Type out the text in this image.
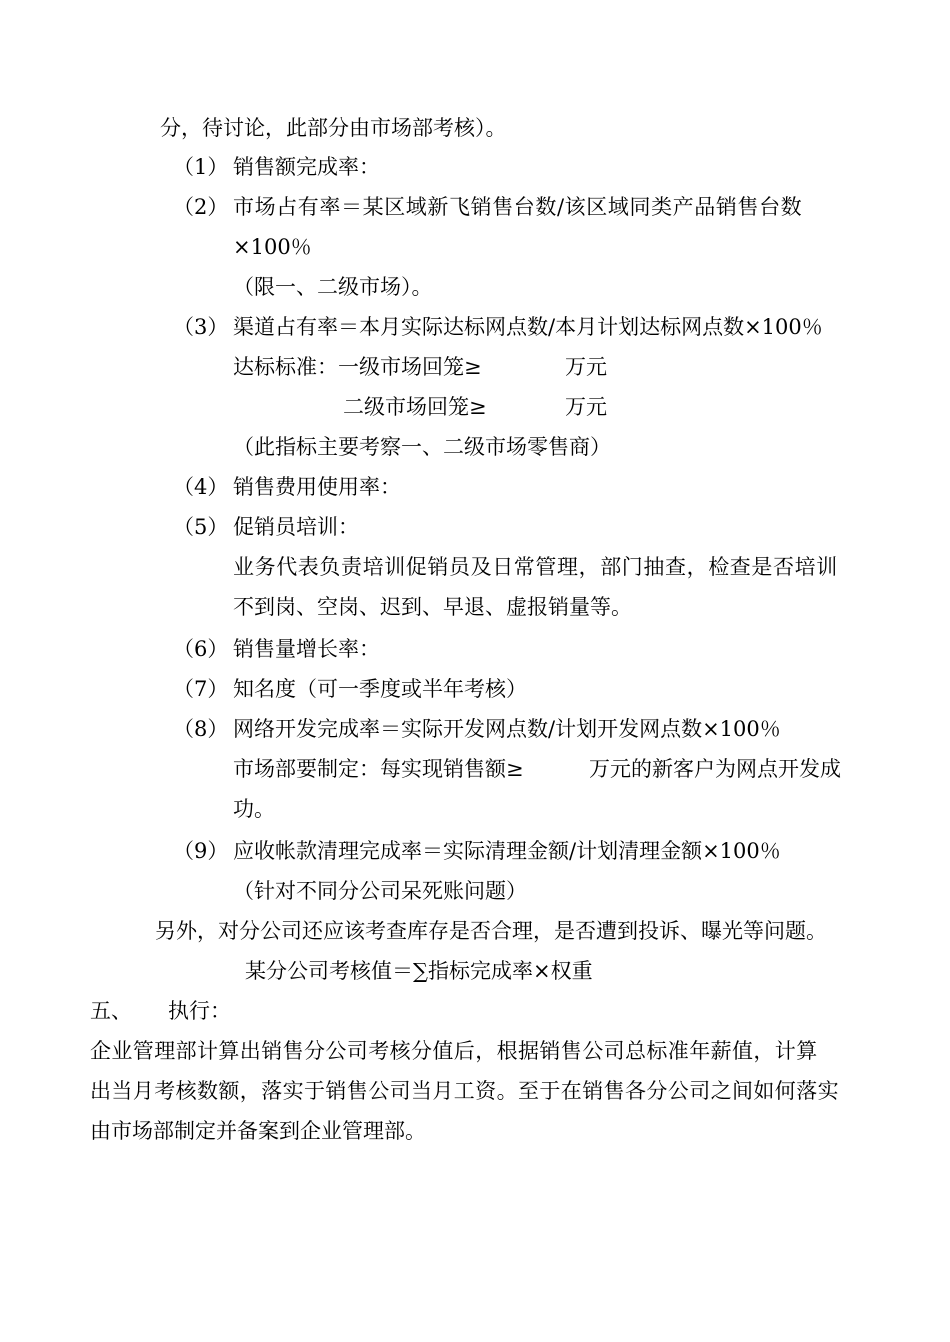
分，待讨论，此部分由市场部考核）。
（1） 销售额完成率：
（2） 市场占有率＝某区域新飞销售台数/该区域同类产品销售台数
×100％
（限一、二级市场）。
（3） 渠道占有率＝本月实际达标网点数/本月计划达标网点数×100％
达标标准：一级市场回笼≥	万元
二级市场回笼≥	万元
（此指标主要考察一、二级市场零售商）
（4） 销售费用使用率：
（5） 促销员培训：
业务代表负责培训促销员及日常管理，部门抽查，检查是否培训
不到岗、空岗、迟到、早退、虚报销量等。
（6） 销售量增长率：
（7） 知名度（可一季度或半年考核）
（8） 网络开发完成率＝实际开发网点数/计划开发网点数×100％
市场部要制定：每实现销售额≥	万元的新客户为网点开发成
功。
（9） 应收帐款清理完成率＝实际清理金额/计划清理金额×100％
（针对不同分公司呆死账问题）
另外，对分公司还应该考查库存是否合理，是否遭到投诉、曝光等问题。
某分公司考核值＝∑指标完成率×权重
五、 执行：
企业管理部计算出销售分公司考核分值后，根据销售公司总标准年薪值，计算
出当月考核数额，落实于销售公司当月工资。至于在销售各分公司之间如何落实
由市场部制定并备案到企业管理部。
